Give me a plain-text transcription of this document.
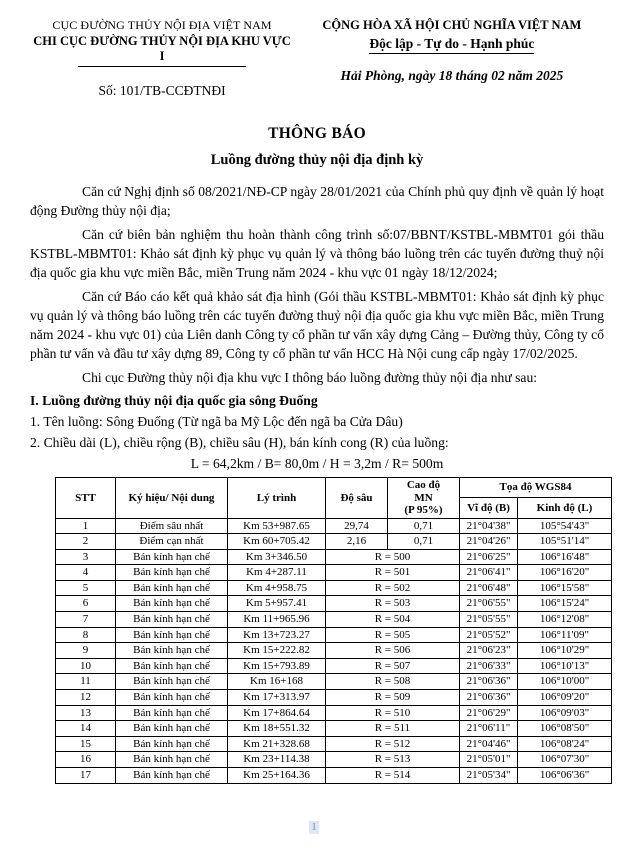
CỤC ĐƯỜNG THỦY NỘI ĐỊA VIỆT NAM
CHI CỤC ĐƯỜNG THỦY NỘI ĐỊA KHU VỰC I
Số: 101/TB-CCĐTNĐI
CỘNG HÒA XÃ HỘI CHỦ NGHĨA VIỆT NAM
Độc lập - Tự do - Hạnh phúc
Hải Phòng, ngày 18 tháng 02 năm 2025
THÔNG BÁO
Luồng đường thủy nội địa định kỳ

Căn cứ Nghị định số 08/2021/NĐ-CP ngày 28/01/2021 của Chính phủ quy định về quản lý hoạt động Đường thủy nội địa;

Căn cứ biên bản nghiệm thu hoàn thành công trình số:07/BBNT/KSTBL-MBMT01 gói thầu KSTBL-MBMT01: Khảo sát định kỳ phục vụ quản lý và thông báo luồng trên các tuyến đường thuỷ nội địa quốc gia khu vực miền Bắc, miền Trung năm 2024 - khu vực 01 ngày 18/12/2024;

Căn cứ Báo cáo kết quả khảo sát địa hình (Gói thầu KSTBL-MBMT01: Khảo sát định kỳ phục vụ quản lý và thông báo luồng trên các tuyến đường thuỷ nội địa quốc gia khu vực miền Bắc, miền Trung năm 2024 - khu vực 01) của Liên danh Công ty cổ phần tư vấn xây dựng Cảng – Đường thủy, Công ty cổ phần tư vấn và đầu tư xây dựng 89, Công ty cổ phần tư vấn HCC Hà Nội cung cấp ngày 17/02/2025.

Chi cục Đường thủy nội địa khu vực I thông báo luồng đường thủy nội địa như sau:

I. Luồng đường thủy nội địa quốc gia sông Đuống
1. Tên luồng: Sông Đuống (Từ ngã ba Mỹ Lộc đến ngã ba Cửa Dâu)
2. Chiều dài (L), chiều rộng (B), chiều sâu (H), bán kính cong (R) của luồng:
L = 64,2km / B= 80,0m / H = 3,2m / R= 500m
STT	Ký hiệu/ Nội dung	Lý trình	Độ sâu	Cao độ
MN
(P 95%)	Tọa độ WGS84	
					Vĩ độ (B)	Kinh độ (L)
1	Điểm sâu nhất	Km 53+987.65	29,74	0,71	21°04'38"	105°54'43"
2	Điểm cạn nhất	Km 60+705.42	2,16	0,71	21°04'26"	105°51'14"
3	Bán kính hạn chế	Km 3+346.50	R = 500		21°06'25"	106°16'48"
4	Bán kính hạn chế	Km 4+287.11	R = 501		21°06'41"	106°16'20"
5	Bán kính hạn chế	Km 4+958.75	R = 502		21°06'48"	106°15'58"
6	Bán kính hạn chế	Km 5+957.41	R = 503		21°06'55"	106°15'24"
7	Bán kính hạn chế	Km 11+965.96	R = 504		21°05'55"	106°12'08"
8	Bán kính hạn chế	Km 13+723.27	R = 505		21°05'52"	106°11'09"
9	Bán kính hạn chế	Km 15+222.82	R = 506		21°06'23"	106°10'29"
10	Bán kính hạn chế	Km 15+793.89	R = 507		21°06'33"	106°10'13"
11	Bán kính hạn chế	Km 16+168	R = 508		21°06'36"	106°10'00"
12	Bán kính hạn chế	Km 17+313.97	R = 509		21°06'36"	106°09'20"
13	Bán kính hạn chế	Km 17+864.64	R = 510		21°06'29"	106°09'03"
14	Bán kính hạn chế	Km 18+551.32	R = 511		21°06'11"	106°08'50"
15	Bán kính hạn chế	Km 21+328.68	R = 512		21°04'46"	106°08'24"
16	Bán kính hạn chế	Km 23+114.38	R = 513		21°05'01"	106°07'30"
17	Bán kính hạn chế	Km 25+164.36	R = 514		21°05'34"	106°06'36"
1
